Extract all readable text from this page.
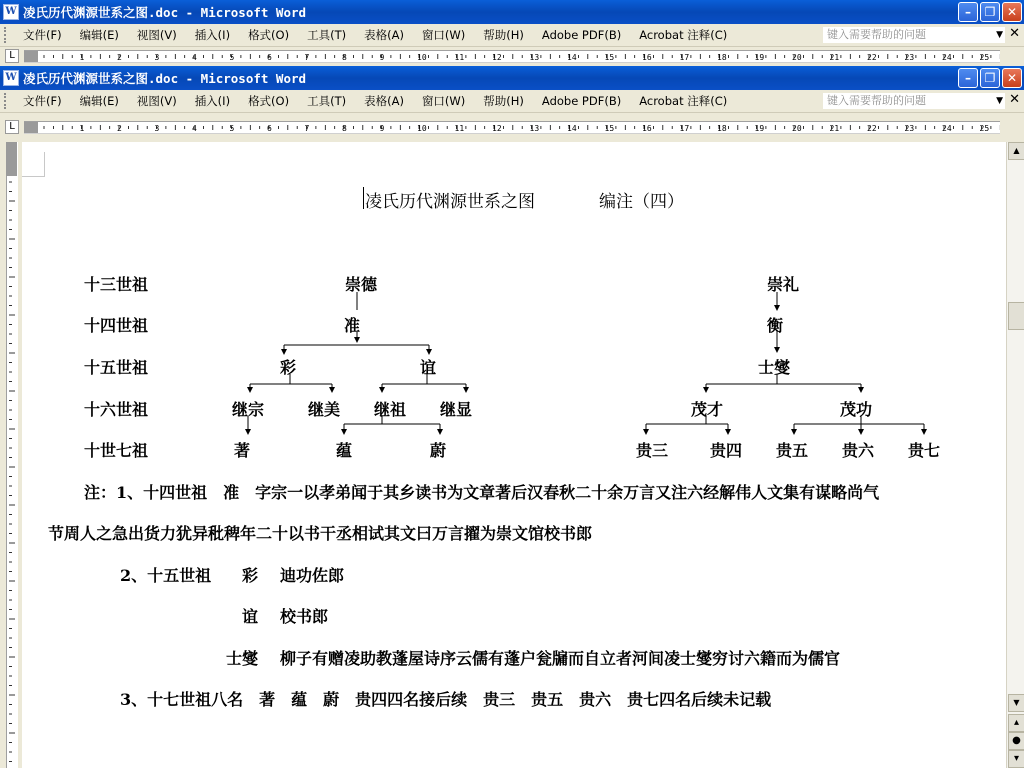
W 凌氏历代渊源世系之图.doc - Microsoft Word	–	❐ ✕
文件(F)	编辑(E)	视图(V)	插入(I)	格式(O)	工具(T)	表格(A)	窗口(W)	帮助(H)	Adobe PDF(B)	Acrobat 注释(C)	键入需要帮助的问题	▼ ✕
L	1	2	3	4	5	6	7	8	9	10	11	12	13	14	15	16	17	18	19	20	21	22	23	24	25
W 凌氏历代渊源世系之图.doc - Microsoft Word	–	❐ ✕
文件(F)	编辑(E)	视图(V)	插入(I)	格式(O)	工具(T)	表格(A)	窗口(W)	帮助(H)	Adobe PDF(B)	Acrobat 注释(C)	键入需要帮助的问题	▼ ✕
L	1	2	3	4	5	6	7	8	9	10	11	12	13	14	15	16	17	18	19	20	21	22	23	24	25
凌氏历代渊源世系之图	编注（四）
十三世祖
十四世祖
十五世祖
十六世祖
十世七祖
崇德
准
彩	谊
继宗	继美 继祖 继显
著	蕴	蔚
崇礼
衡
士燮
茂才	茂功
贵三	贵四 贵五 贵六 贵七
注：1、十四世祖　准　字宗一以孝弟闻于其乡读书为文章著后汉春秋二十余万言又注六经解伟人文集有谋略尚气
节周人之急出货力犹异秕稗年二十以书干丞相试其文曰万言擢为崇文馆校书郎
2、十五世祖 彩 迪功佐郎
谊 校书郎
士燮 柳子有赠凌助教蓬屋诗序云儒有蓬户瓮牖而自立者河间凌士燮穷讨六籍而为儒官
3、十七世祖八名　著　蕴　蔚　贵四四名接后续　贵三　贵五　贵六　贵七四名后续未记载
▲
▼
▴
●
▾
